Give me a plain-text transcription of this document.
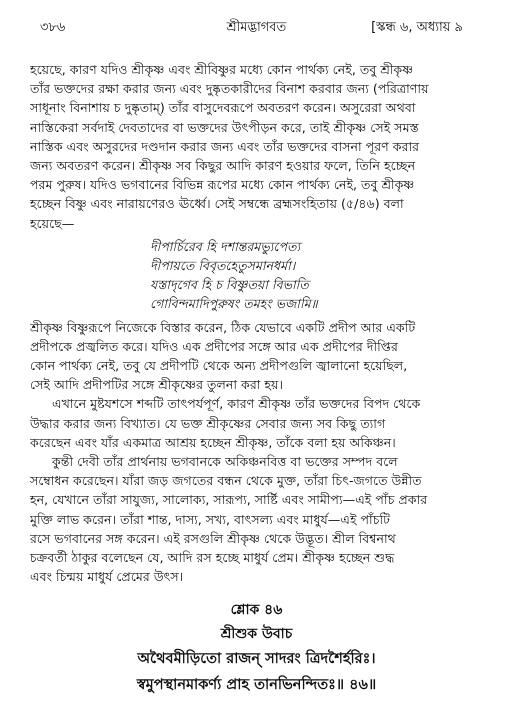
৩৮৬	শ্রীমদ্ভাগবত	[স্কন্ধ ৬, অধ্যায় ৯
হয়েছে, কারণ যদিও শ্রীকৃষ্ণ এবং শ্রীবিষ্ণুর মধ্যে কোন পার্থক্য নেই, তবু শ্রীকৃষ্ণ
তাঁর ভক্তদের রক্ষা করার জন্য এবং দুষ্কৃতকারীদের বিনাশ করবার জন্য (পরিত্রাণায়
সাধূনাং বিনাশায় চ দুষ্কৃতাম্) তাঁর বাসুদেবরূপে অবতরণ করেন। অসুরেরা অথবা
নাস্তিকেরা সর্বদাই দেবতাদের বা ভক্তদের উৎপীড়ন করে, তাই শ্রীকৃষ্ণ সেই সমস্ত
নাস্তিক এবং অসুরদের দণ্ডদান করার জন্য এবং তাঁর ভক্তদের বাসনা পূরণ করার
জন্য অবতরণ করেন। শ্রীকৃষ্ণ সব কিছুর আদি কারণ হওয়ার ফলে, তিনি হচ্ছেন
পরম পুরুষ। যদিও ভগবানের বিভিন্ন রূপের মধ্যে কোন পার্থক্য নেই, তবু শ্রীকৃষ্ণ
হচ্ছেন বিষ্ণু এবং নারায়ণেরও ঊর্ধ্বে। সেই সম্বন্ধে ব্রহ্মসংহিতায় (৫/৪৬) বলা
হয়েছে—
দীপার্চিরেব হি দশান্তরমভ্যুপেত্য
দীপায়তে বিবৃতহেতুসমানধর্মা।
যস্তাদৃগেব হি চ বিষ্ণুতয়া বিভাতি
গোবিন্দমাদিপুরুষং তমহং ভজামি॥
শ্রীকৃষ্ণ বিষ্ণুরূপে নিজেকে বিস্তার করেন, ঠিক যেভাবে একটি প্রদীপ আর একটি
প্রদীপকে প্রজ্বলিত করে। যদিও এক প্রদীপের সঙ্গে আর এক প্রদীপের দীপ্তির
কোন পার্থক্য নেই, তবু যে প্রদীপটি থেকে অন্য প্রদীপগুলি জ্বালানো হয়েছিল,
সেই আদি প্রদীপটির সঙ্গে শ্রীকৃষ্ণের তুলনা করা হয়।
এখানে মুষ্টযশসে শব্দটি তাৎপর্যপূর্ণ, কারণ শ্রীকৃষ্ণ তাঁর ভক্তদের বিপদ থেকে
উদ্ধার করার জন্য বিখ্যাত। যে ভক্ত শ্রীকৃষ্ণের সেবার জন্য সব কিছু ত্যাগ
করেছেন এবং যাঁর একমাত্র আশ্রয় হচ্ছেন শ্রীকৃষ্ণ, তাঁকে বলা হয় অকিঞ্চন।
কুন্তী দেবী তাঁর প্রার্থনায় ভগবানকে অকিঞ্চনবিত্ত বা ভক্তের সম্পদ বলে
সম্বোধন করেছেন। যাঁরা জড় জগতের বন্ধন থেকে মুক্ত, তাঁরা চিৎ-জগতে উন্নীত
হন, যেখানে তাঁরা সাযুজ্য, সালোক্য, সারূপ্য, সার্ষ্টি এবং সামীপ্য—এই পাঁচ প্রকার
মুক্তি লাভ করেন। তাঁরা শান্ত, দাস্য, সখ্য, বাৎসল্য এবং মাধুর্য—এই পাঁচটি
রসে ভগবানের সঙ্গ করেন। এই রসগুলি শ্রীকৃষ্ণ থেকে উদ্ভূত। শ্রীল বিশ্বনাথ
চক্রবর্তী ঠাকুর বলেছেন যে, আদি রস হচ্ছে মাধুর্য প্রেম। শ্রীকৃষ্ণ হচ্ছেন শুদ্ধ
এবং চিন্ময় মাধুর্য প্রেমের উৎস।
শ্লোক ৪৬
শ্রীশুক উবাচ
অথৈবমীড়িতো রাজন্ সাদরং ত্রিদশৈর্হরিঃ।
স্বমুপস্থানমাকর্ণ্য প্রাহ তানভিনন্দিতঃ॥ ৪৬॥
